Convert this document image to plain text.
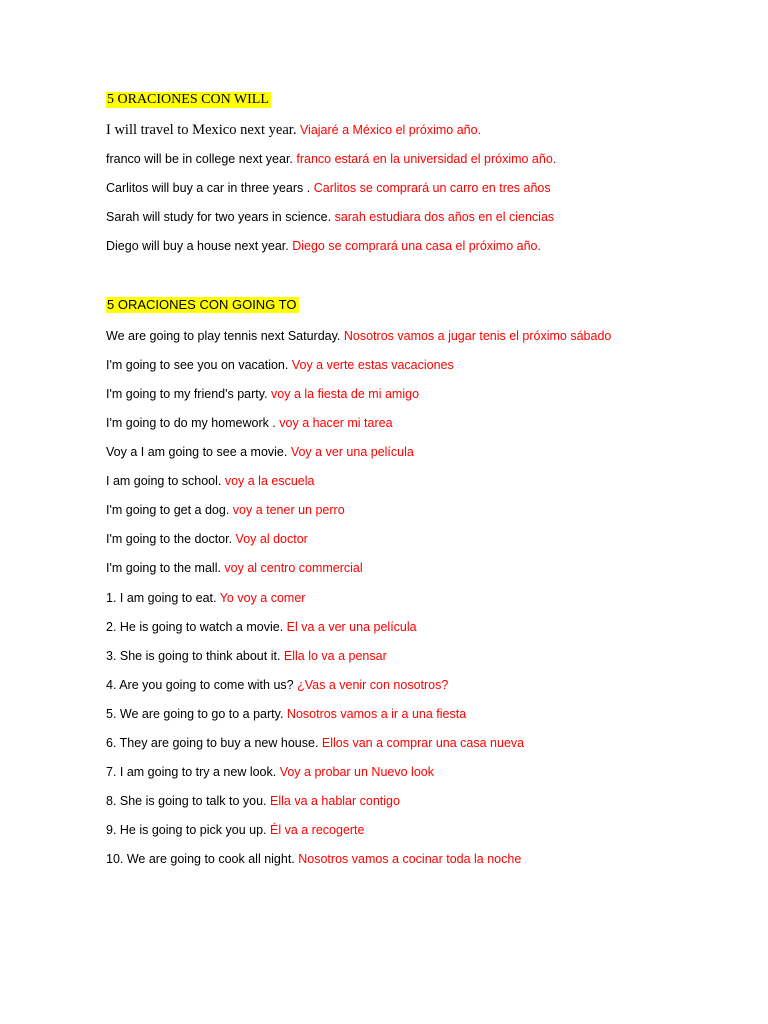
5 ORACIONES CON WILL
I will travel to Mexico next year. Viajaré a México el próximo año.
franco will be in college next year. franco estará en la universidad el próximo año.
Carlitos will buy a car in three years . Carlitos se comprará un carro en tres años
Sarah will study for two years in science. sarah estudiara dos años en el ciencias
Diego will buy a house next year. Diego se comprará una casa el próximo año.
5 ORACIONES CON GOING TO
We are going to play tennis next Saturday. Nosotros vamos a jugar tenis el próximo sábado
I'm going to see you on vacation. Voy a verte estas vacaciones
I'm going to my friend's party. voy a la fiesta de mi amigo
I'm going to do my homework . voy a hacer mi tarea
Voy a I am going to see a movie. Voy a ver una película
I am going to school. voy a la escuela
I'm going to get a dog. voy a tener un perro
I'm going to the doctor. Voy al doctor
I'm going to the mall. voy al centro commercial
1. I am going to eat. Yo voy a comer
2. He is going to watch a movie. El va a ver una película
3. She is going to think about it. Ella lo va a pensar
4. Are you going to come with us? ¿Vas a venir con nosotros?
5. We are going to go to a party. Nosotros vamos a ir a una fiesta
6. They are going to buy a new house. Ellos van a comprar una casa nueva
7. I am going to try a new look. Voy a probar un Nuevo look
8. She is going to talk to you. Ella va a hablar contigo
9. He is going to pick you up. Él va a recogerte
10. We are going to cook all night. Nosotros vamos a cocinar toda la noche
